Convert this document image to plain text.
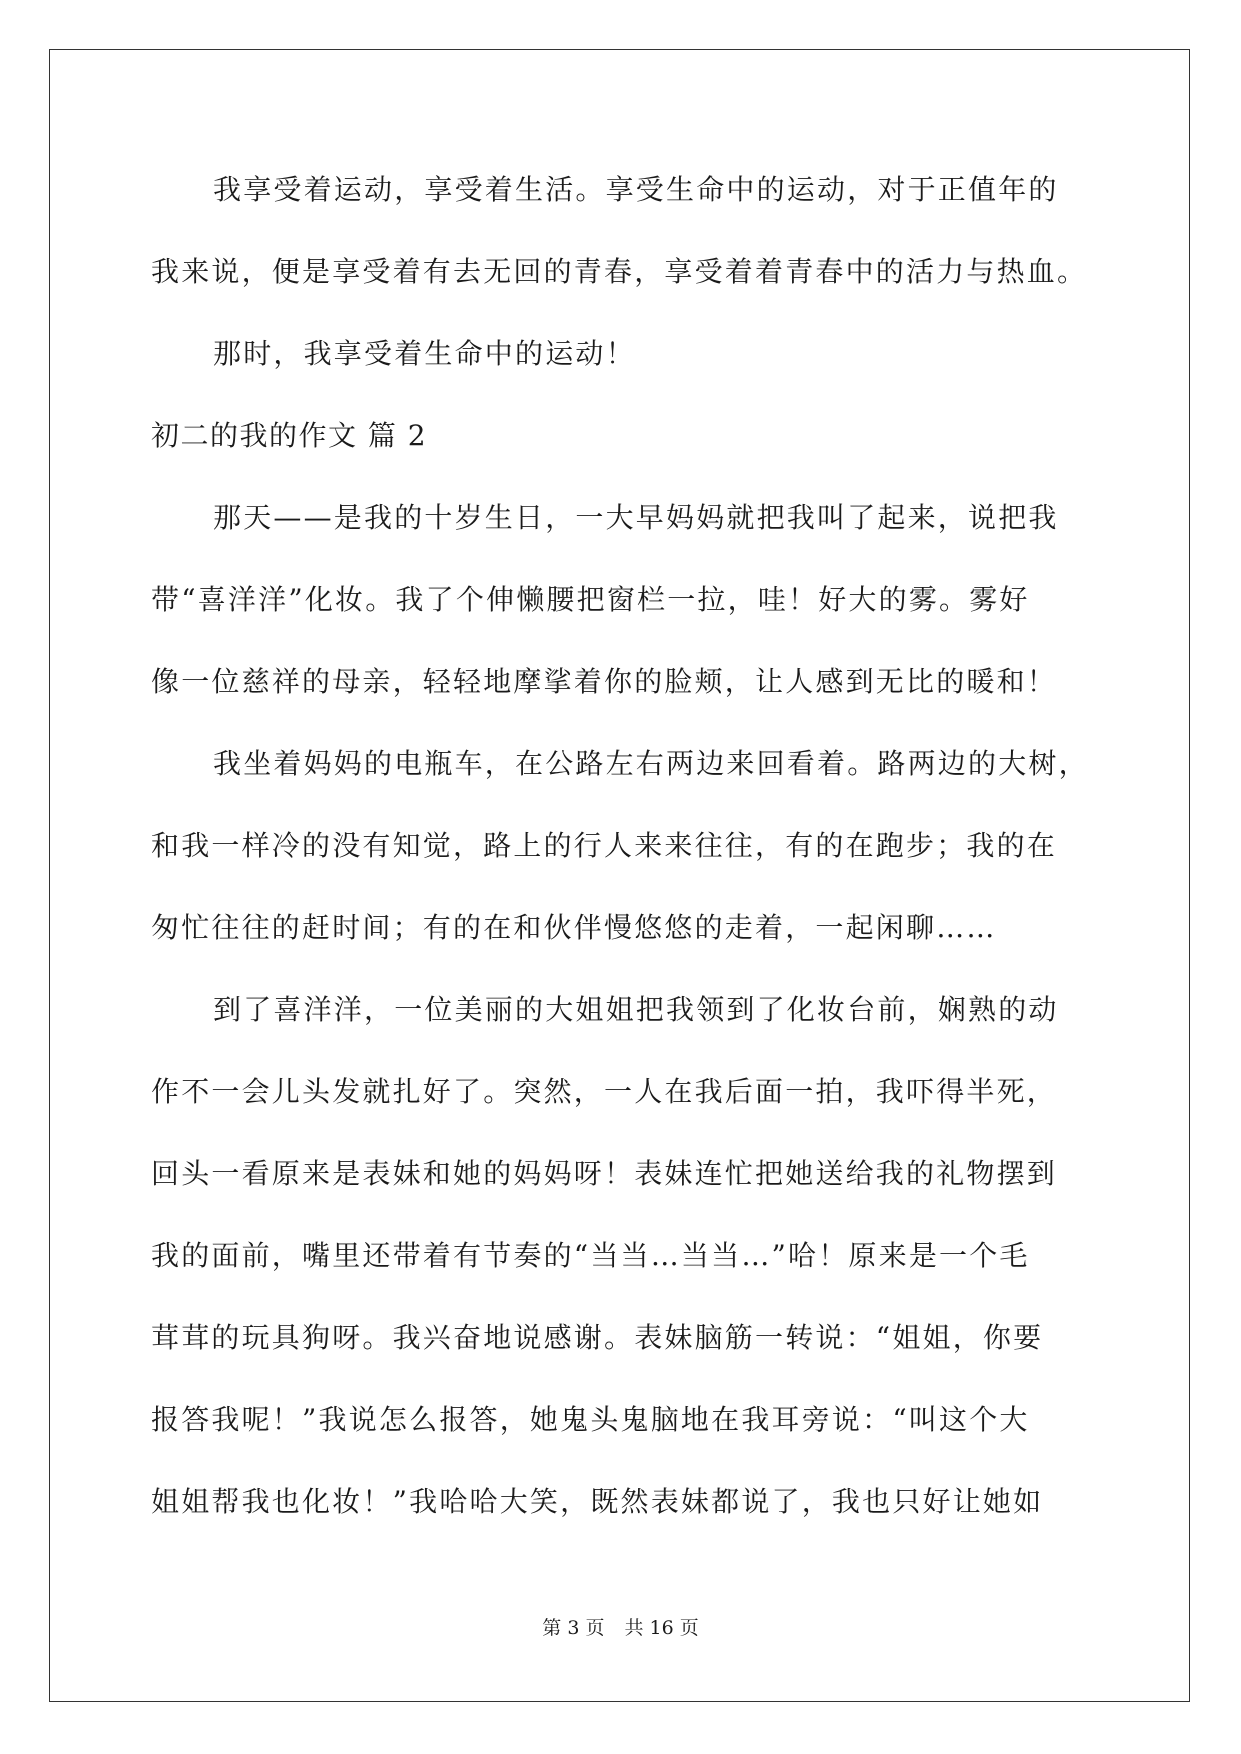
我享受着运动，享受着生活。享受生命中的运动，对于正值年的
我来说，便是享受着有去无回的青春，享受着着青春中的活力与热血。
那时，我享受着生命中的运动！
初二的我的作文 篇 2
那天——是我的十岁生日，一大早妈妈就把我叫了起来，说把我
带“喜洋洋”化妆。我了个伸懒腰把窗栏一拉，哇！好大的雾。雾好
像一位慈祥的母亲，轻轻地摩挲着你的脸颊，让人感到无比的暖和！
我坐着妈妈的电瓶车，在公路左右两边来回看着。路两边的大树，
和我一样冷的没有知觉，路上的行人来来往往，有的在跑步；我的在
匆忙往往的赶时间；有的在和伙伴慢悠悠的走着，一起闲聊……
到了喜洋洋，一位美丽的大姐姐把我领到了化妆台前，娴熟的动
作不一会儿头发就扎好了。突然，一人在我后面一拍，我吓得半死，
回头一看原来是表妹和她的妈妈呀！表妹连忙把她送给我的礼物摆到
我的面前，嘴里还带着有节奏的“当当…当当…”哈！原来是一个毛
茸茸的玩具狗呀。我兴奋地说感谢。表妹脑筋一转说：“姐姐，你要
报答我呢！”我说怎么报答，她鬼头鬼脑地在我耳旁说：“叫这个大
姐姐帮我也化妆！”我哈哈大笑，既然表妹都说了，我也只好让她如
第 3 页 共 16 页
